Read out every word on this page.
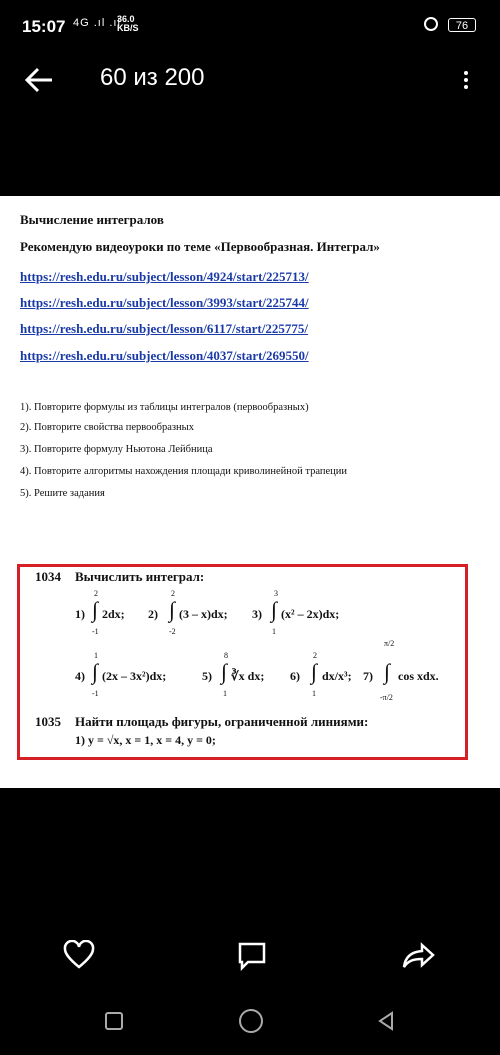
15:07 4G .ıl .ıl
36.0
KB/S	76
60 из 200
Вычисление интегралов
Рекомендую видеоуроки по теме «Первообразная. Интеграл»
https://resh.edu.ru/subject/lesson/4924/start/225713/
https://resh.edu.ru/subject/lesson/3993/start/225744/
https://resh.edu.ru/subject/lesson/6117/start/225775/
https://resh.edu.ru/subject/lesson/4037/start/269550/
1). Повторите формулы из таблицы интегралов (первообразных)
2). Повторите свойства первообразных
3). Повторите формулу Ньютона Лейбница
4). Повторите алгоритмы нахождения площади криволинейной трапеции
5). Решите задания
1034 Вычислить интеграл:
1)
2
∫
-1
2dx; 2)
2
∫
-2
(3 – x)dx; 3)
3
∫
1
(x² – 2x)dx;
4)
1
∫
-1
(2x – 3x²)dx;	5)
8
∫
1
∛x dx; 6)
2
∫
1
dx/x³; 7)
π/2
∫
-π/2
cos xdx.
1035 Найти площадь фигуры, ограниченной линиями:
1) y = √x, x = 1, x = 4, y = 0;
